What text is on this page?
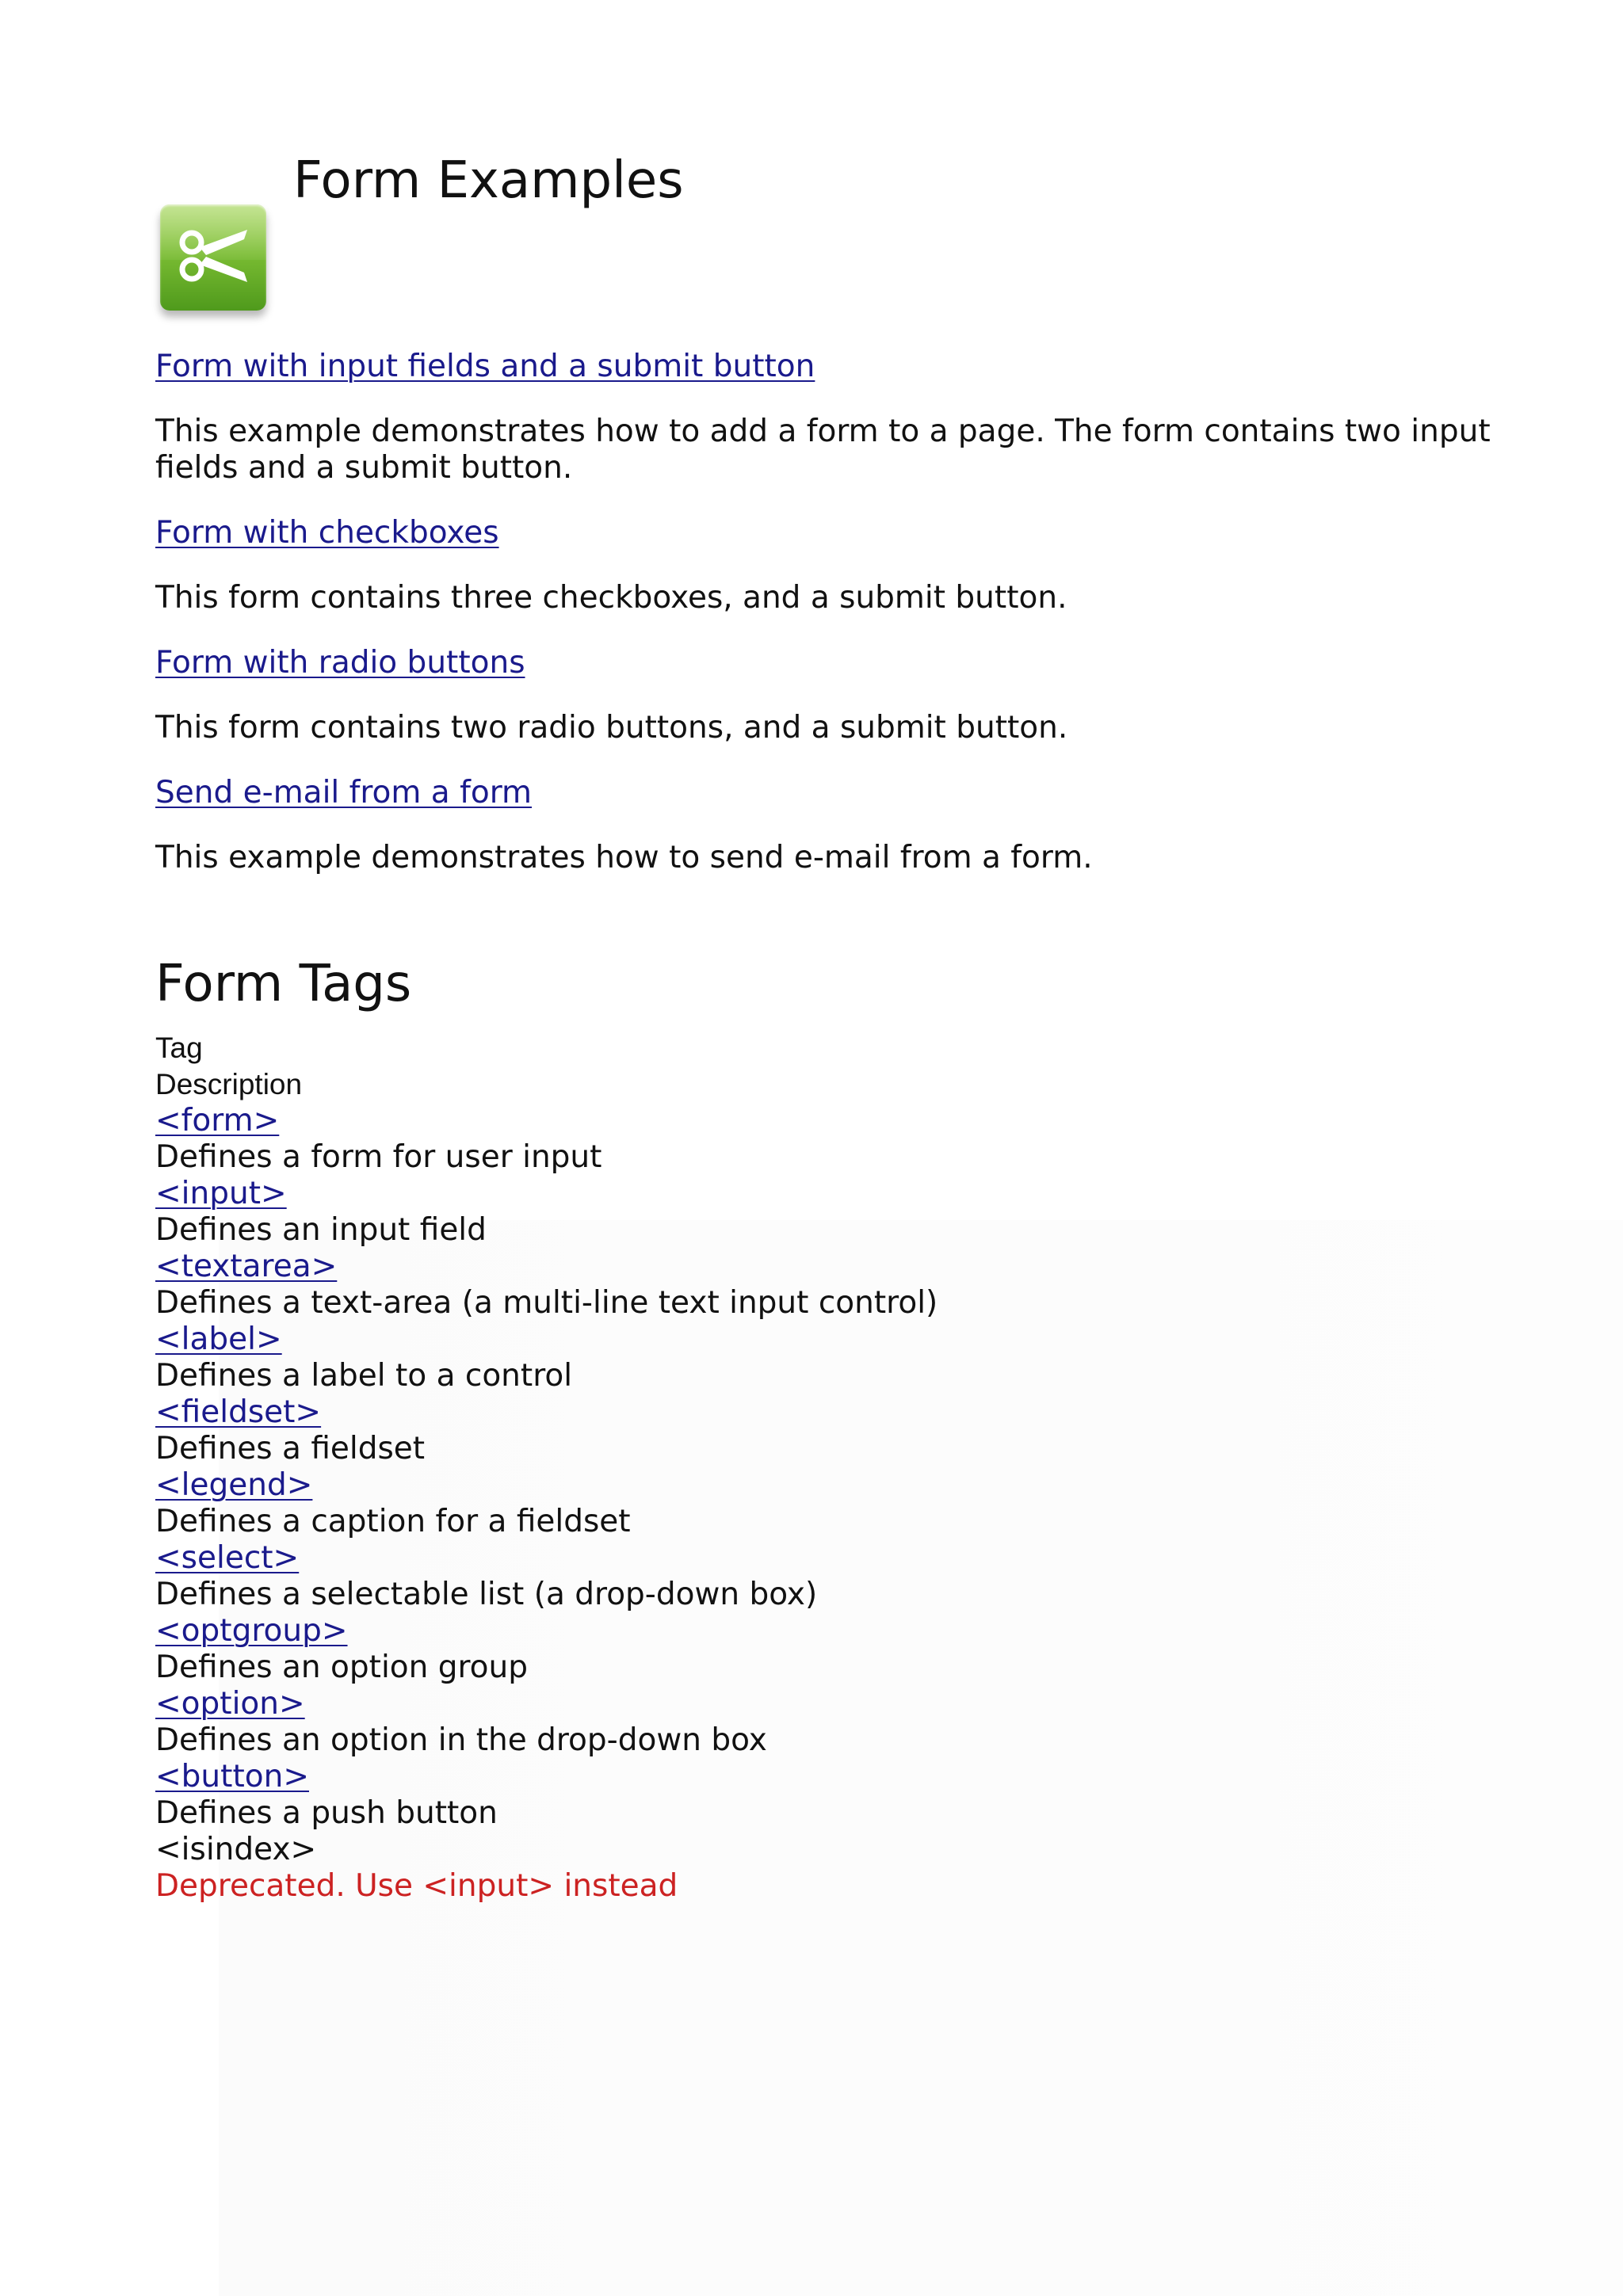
Form Examples
Form with input fields and a submit button

This example demonstrates how to add a form to a page. The form contains two input fields and a submit button.

Form with checkboxes

This form contains three checkboxes, and a submit button.

Form with radio buttons

This form contains two radio buttons, and a submit button.

Send e-mail from a form

This example demonstrates how to send e-mail from a form.

Form Tags
Tag
Description
<form>
Defines a form for user input
<input>
Defines an input field
<textarea>
Defines a text-area (a multi-line text input control)
<label>
Defines a label to a control
<fieldset>
Defines a fieldset
<legend>
Defines a caption for a fieldset
<select>
Defines a selectable list (a drop-down box)
<optgroup>
Defines an option group
<option>
Defines an option in the drop-down box
<button>
Defines a push button
<isindex>
Deprecated. Use <input> instead
